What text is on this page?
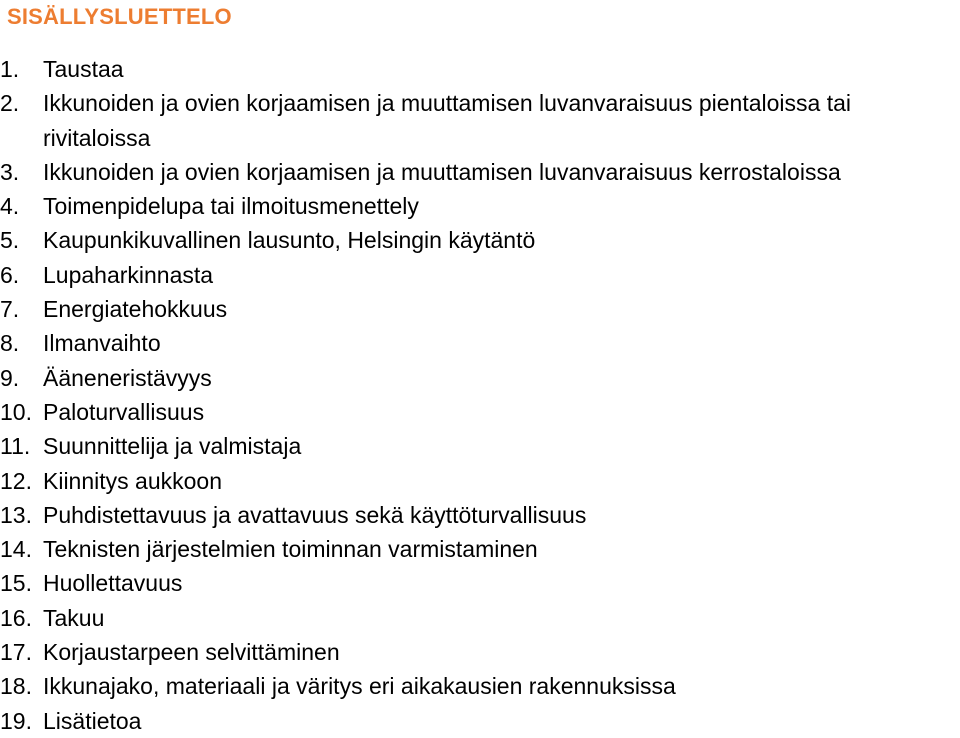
SISÄLLYSLUETTELO
1.	Taustaa
2.	Ikkunoiden ja ovien korjaamisen ja muuttamisen luvanvaraisuus pientaloissa tai rivitaloissa
3.	Ikkunoiden ja ovien korjaamisen ja muuttamisen luvanvaraisuus kerrostaloissa
4.	Toimenpidelupa tai ilmoitusmenettely
5.	Kaupunkikuvallinen lausunto, Helsingin käytäntö
6.	Lupaharkinnasta
7.	Energiatehokkuus
8.	Ilmanvaihto
9.	Ääneneristävyys
10. Paloturvallisuus
11. Suunnittelija ja valmistaja
12. Kiinnitys aukkoon
13. Puhdistettavuus ja avattavuus sekä käyttöturvallisuus
14. Teknisten järjestelmien toiminnan varmistaminen
15. Huollettavuus
16. Takuu
17. Korjaustarpeen selvittäminen
18. Ikkunajako, materiaali ja väritys eri aikakausien rakennuksissa
19. Lisätietoa
